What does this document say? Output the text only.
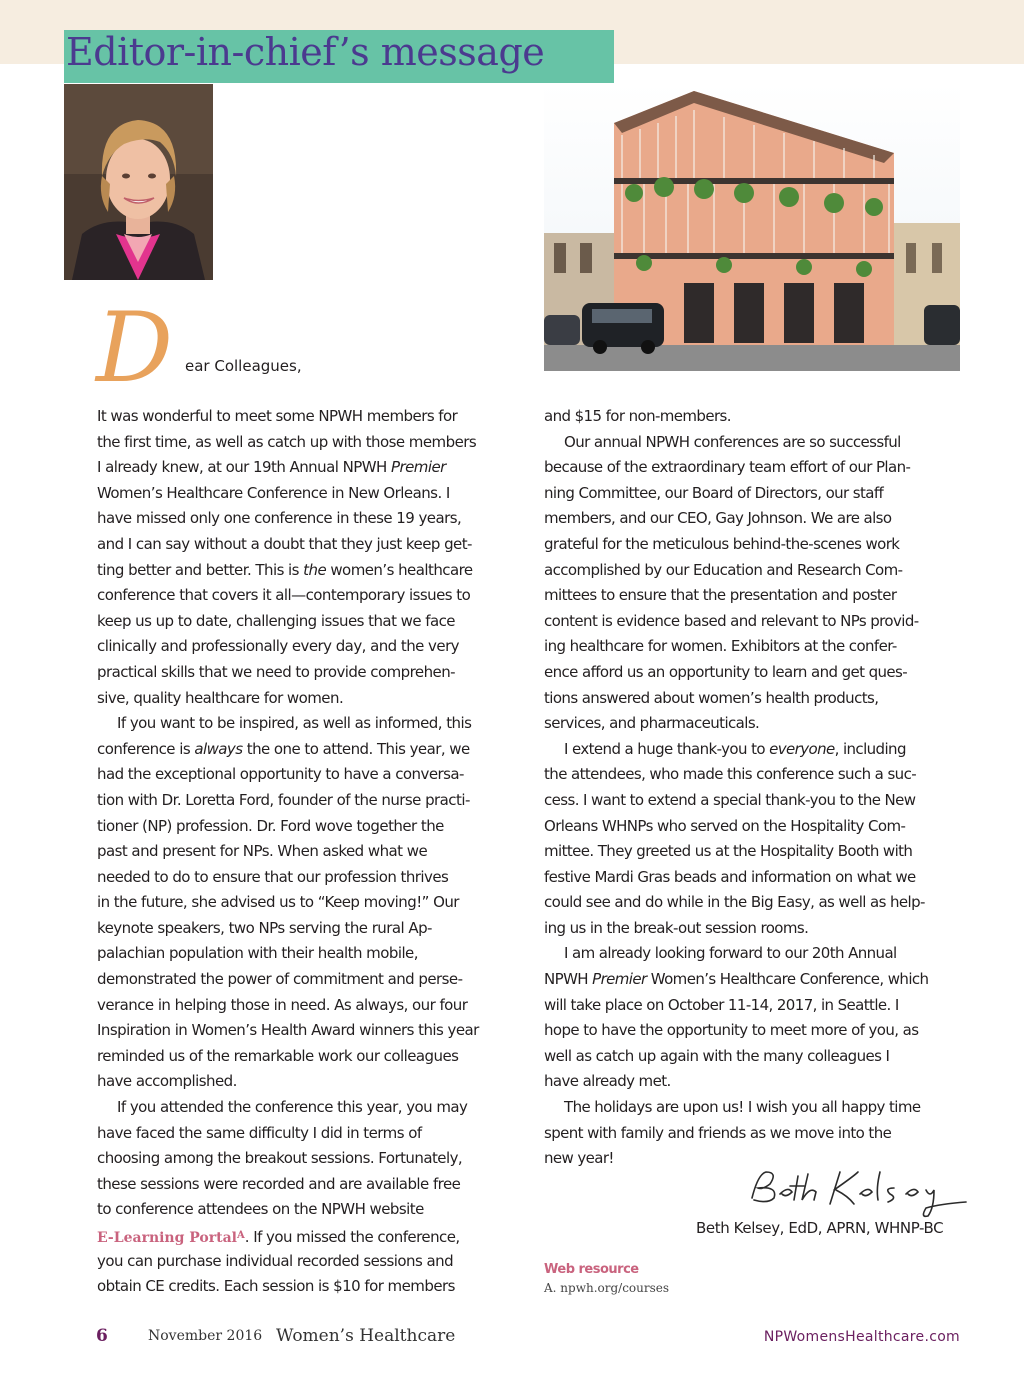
Editor-in-chief’s message
D ear Colleagues,
It was wonderful to meet some NPWH members for
the first time, as well as catch up with those members
I already knew, at our 19th Annual NPWH Premier
Women’s Healthcare Conference in New Orleans. I
have missed only one conference in these 19 years,
and I can say without a doubt that they just keep get-
ting better and better. This is the women’s healthcare
conference that covers it all—contemporary issues to
keep us up to date, challenging issues that we face
clinically and professionally every day, and the very
practical skills that we need to provide comprehen-
sive, quality healthcare for women.
If you want to be inspired, as well as informed, this
conference is always the one to attend. This year, we
had the exceptional opportunity to have a conversa-
tion with Dr. Loretta Ford, founder of the nurse practi-
tioner (NP) profession. Dr. Ford wove together the
past and present for NPs. When asked what we
needed to do to ensure that our profession thrives
in the future, she advised us to “Keep moving!” Our
keynote speakers, two NPs serving the rural Ap-
palachian population with their health mobile,
demonstrated the power of commitment and perse-
verance in helping those in need. As always, our four
Inspiration in Women’s Health Award winners this year
reminded us of the remarkable work our colleagues
have accomplished.
If you attended the conference this year, you may
have faced the same difficulty I did in terms of
choosing among the breakout sessions. Fortunately,
these sessions were recorded and are available free
to conference attendees on the NPWH website
E-Learning Portal$^A$. If you missed the conference,
you can purchase individual recorded sessions and
obtain CE credits. Each session is $10 for members
and $15 for non-members.
Our annual NPWH conferences are so successful
because of the extraordinary team effort of our Plan-
ning Committee, our Board of Directors, our staff
members, and our CEO, Gay Johnson. We are also
grateful for the meticulous behind-the-scenes work
accomplished by our Education and Research Com-
mittees to ensure that the presentation and poster
content is evidence based and relevant to NPs provid-
ing healthcare for women. Exhibitors at the confer-
ence afford us an opportunity to learn and get ques-
tions answered about women’s health products,
services, and pharmaceuticals.
I extend a huge thank-you to everyone, including
the attendees, who made this conference such a suc-
cess. I want to extend a special thank-you to the New
Orleans WHNPs who served on the Hospitality Com-
mittee. They greeted us at the Hospitality Booth with
festive Mardi Gras beads and information on what we
could see and do while in the Big Easy, as well as help-
ing us in the break-out session rooms.
I am already looking forward to our 20th Annual
NPWH Premier Women’s Healthcare Conference, which
will take place on October 11-14, 2017, in Seattle. I
hope to have the opportunity to meet more of you, as
well as catch up again with the many colleagues I
have already met.
The holidays are upon us! I wish you all happy time
spent with family and friends as we move into the
new year!
Beth Kelsey, EdD, APRN, WHNP-BC
Web resource
A. npwh.org/courses
6	November 2016 Women’s Healthcare	NPWomensHealthcare.com
